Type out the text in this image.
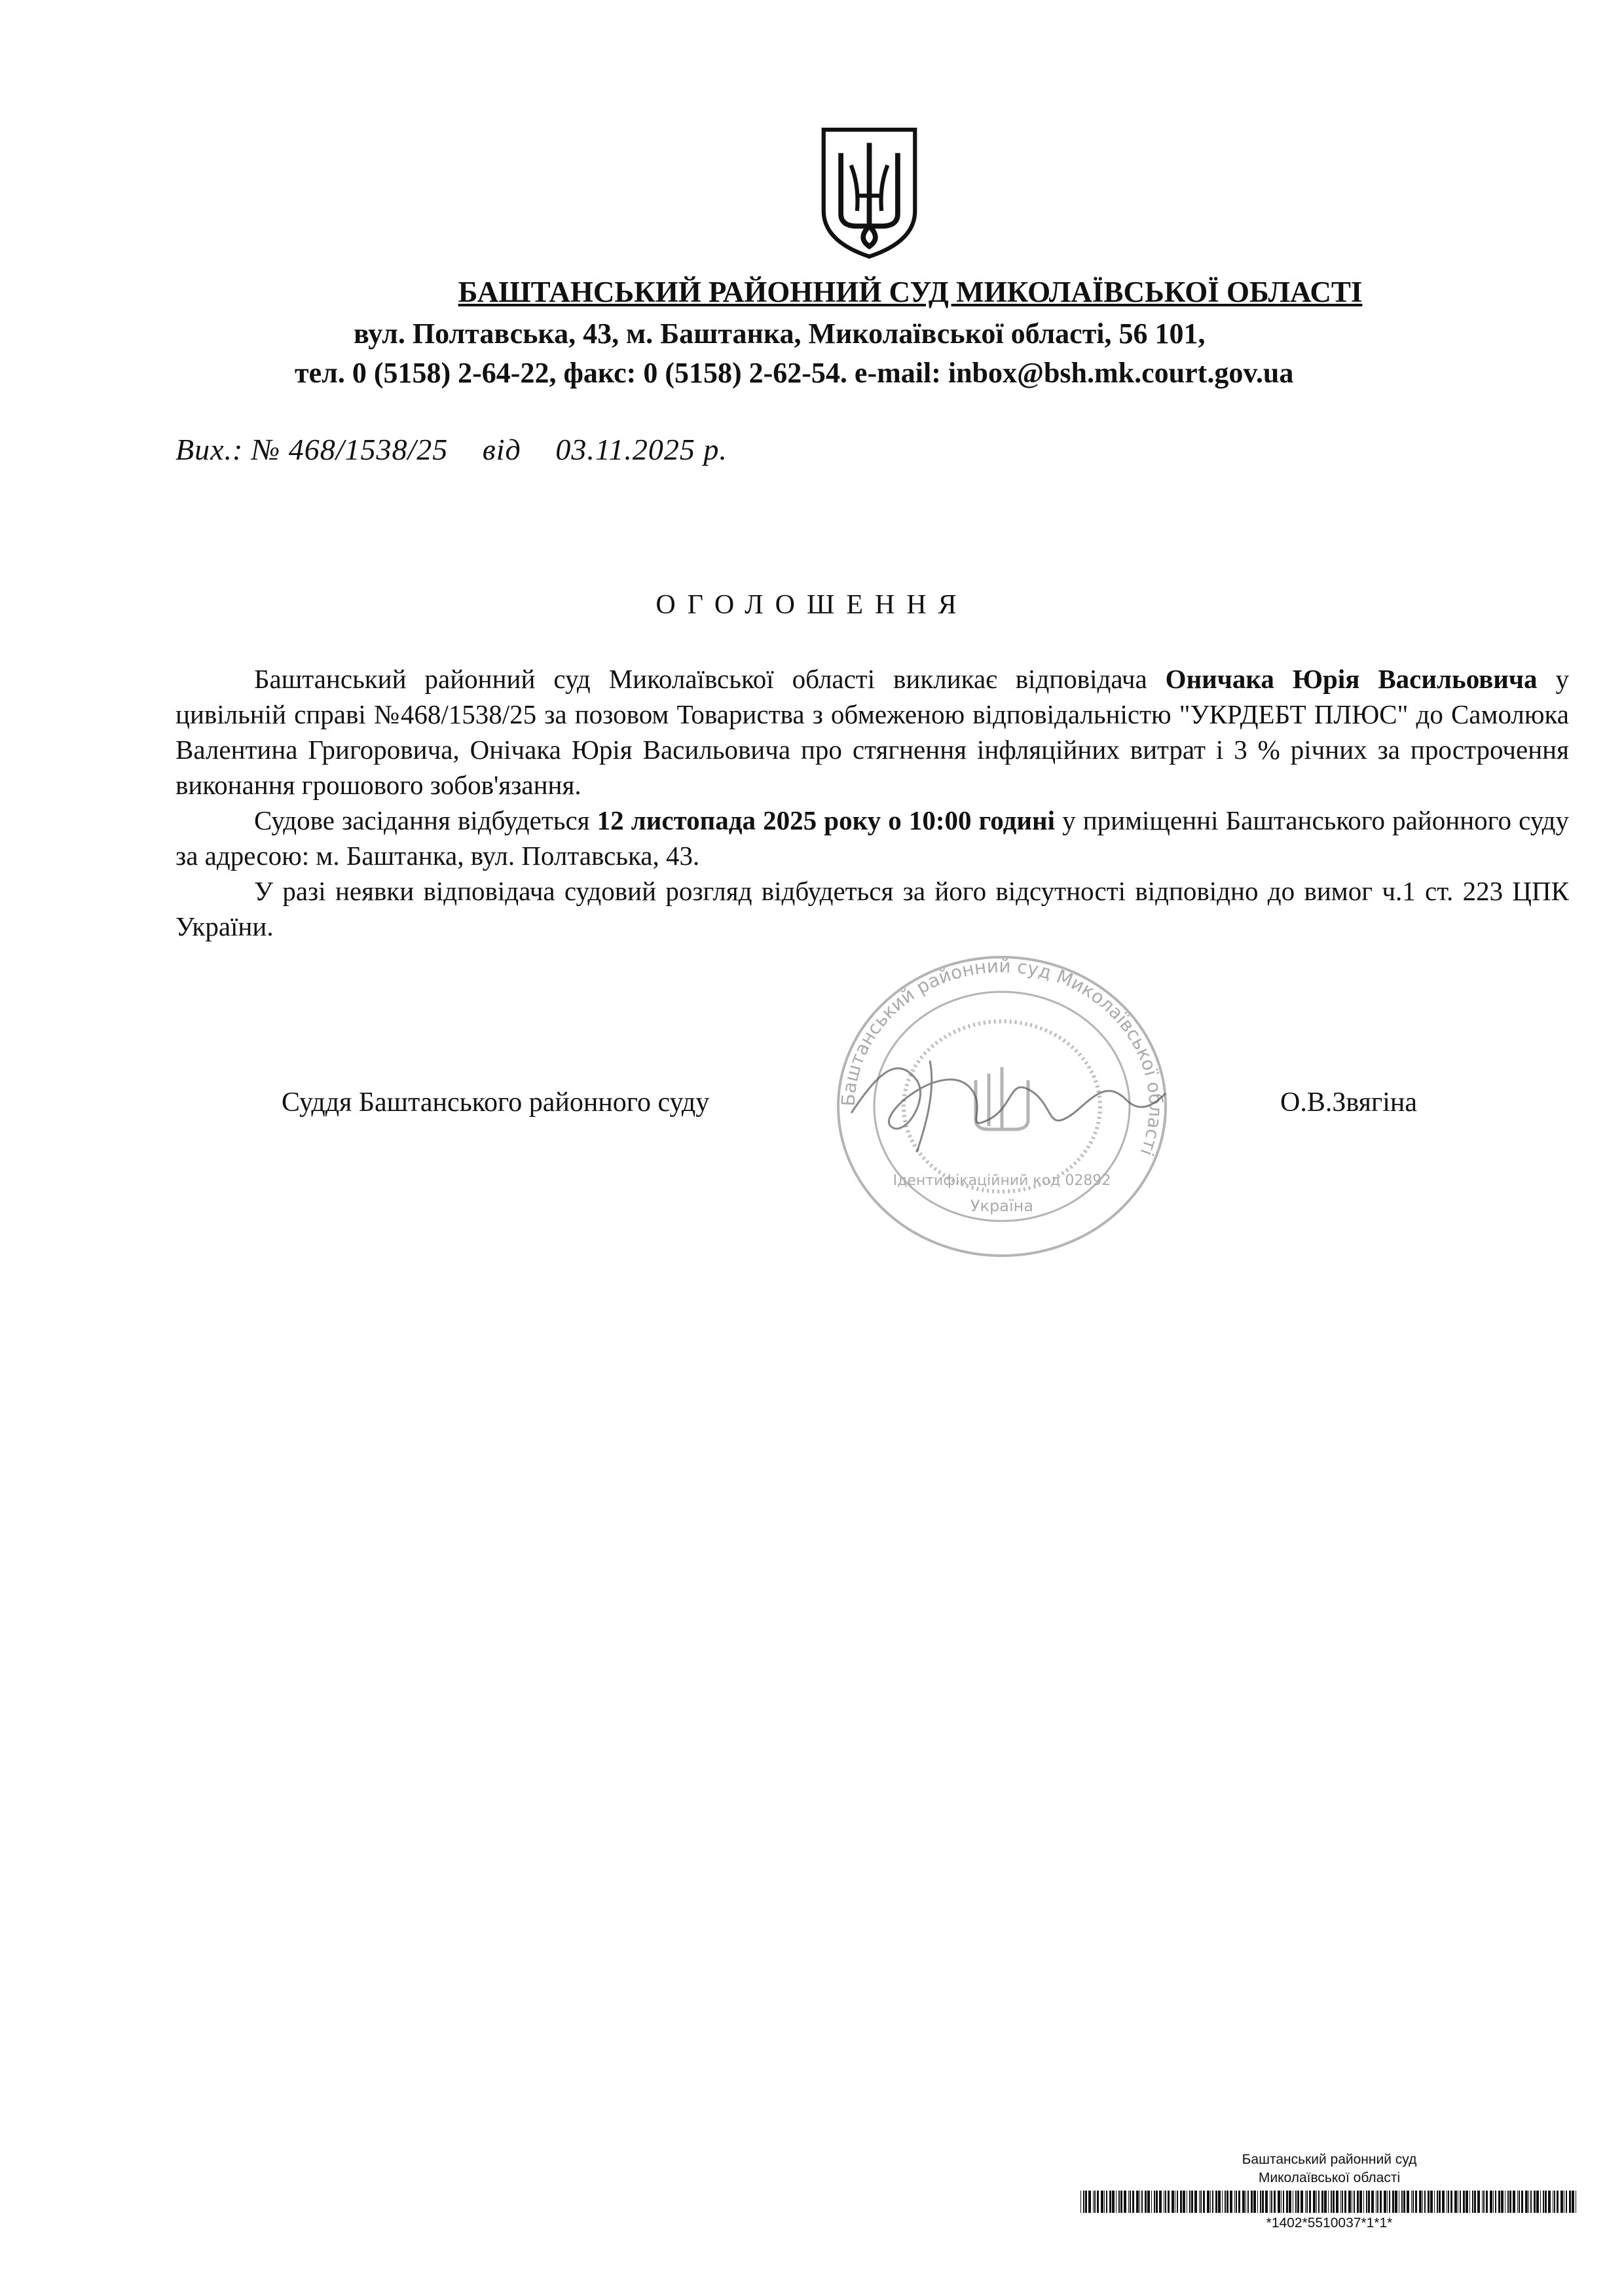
БАШТАНСЬКИЙ РАЙОННИЙ СУД МИКОЛАЇВСЬКОЇ ОБЛАСТІ
вул. Полтавська, 43, м. Баштанка, Миколаївської області, 56 101,
тел. 0 (5158) 2-64-22, факс: 0 (5158) 2-62-54. e-mail: inbox@bsh.mk.court.gov.ua
Вих.: № 468/1538/25 від 03.11.2025 р.
ОГОЛОШЕННЯ

Баштанський районний суд Миколаївської області викликає відповідача Оничака Юрія Васильовича у цивільній справі №468/1538/25 за позовом Товариства з обмеженою відповідальністю "УКРДЕБТ ПЛЮС" до Самолюка Валентина Григоровича, Онічака Юрія Васильовича про стягнення інфляційних витрат і 3 % річних за прострочення виконання грошового зобов'язання.

Судове засідання відбудеться 12 листопада 2025 року о 10:00 годині у приміщенні Баштанського районного суду за адресою: м. Баштанка, вул. Полтавська, 43.

У разі неявки відповідача судовий розгляд відбудеться за його відсутності відповідно до вимог ч.1 ст. 223 ЦПК України.

Баштанський районний суд Миколаївської області
Ідентифікаційний код 02892
Україна
Суддя Баштанського районного суду	О.В.Звягіна
Баштанський районний суд
Миколаївської області
*1402*5510037*1*1*
